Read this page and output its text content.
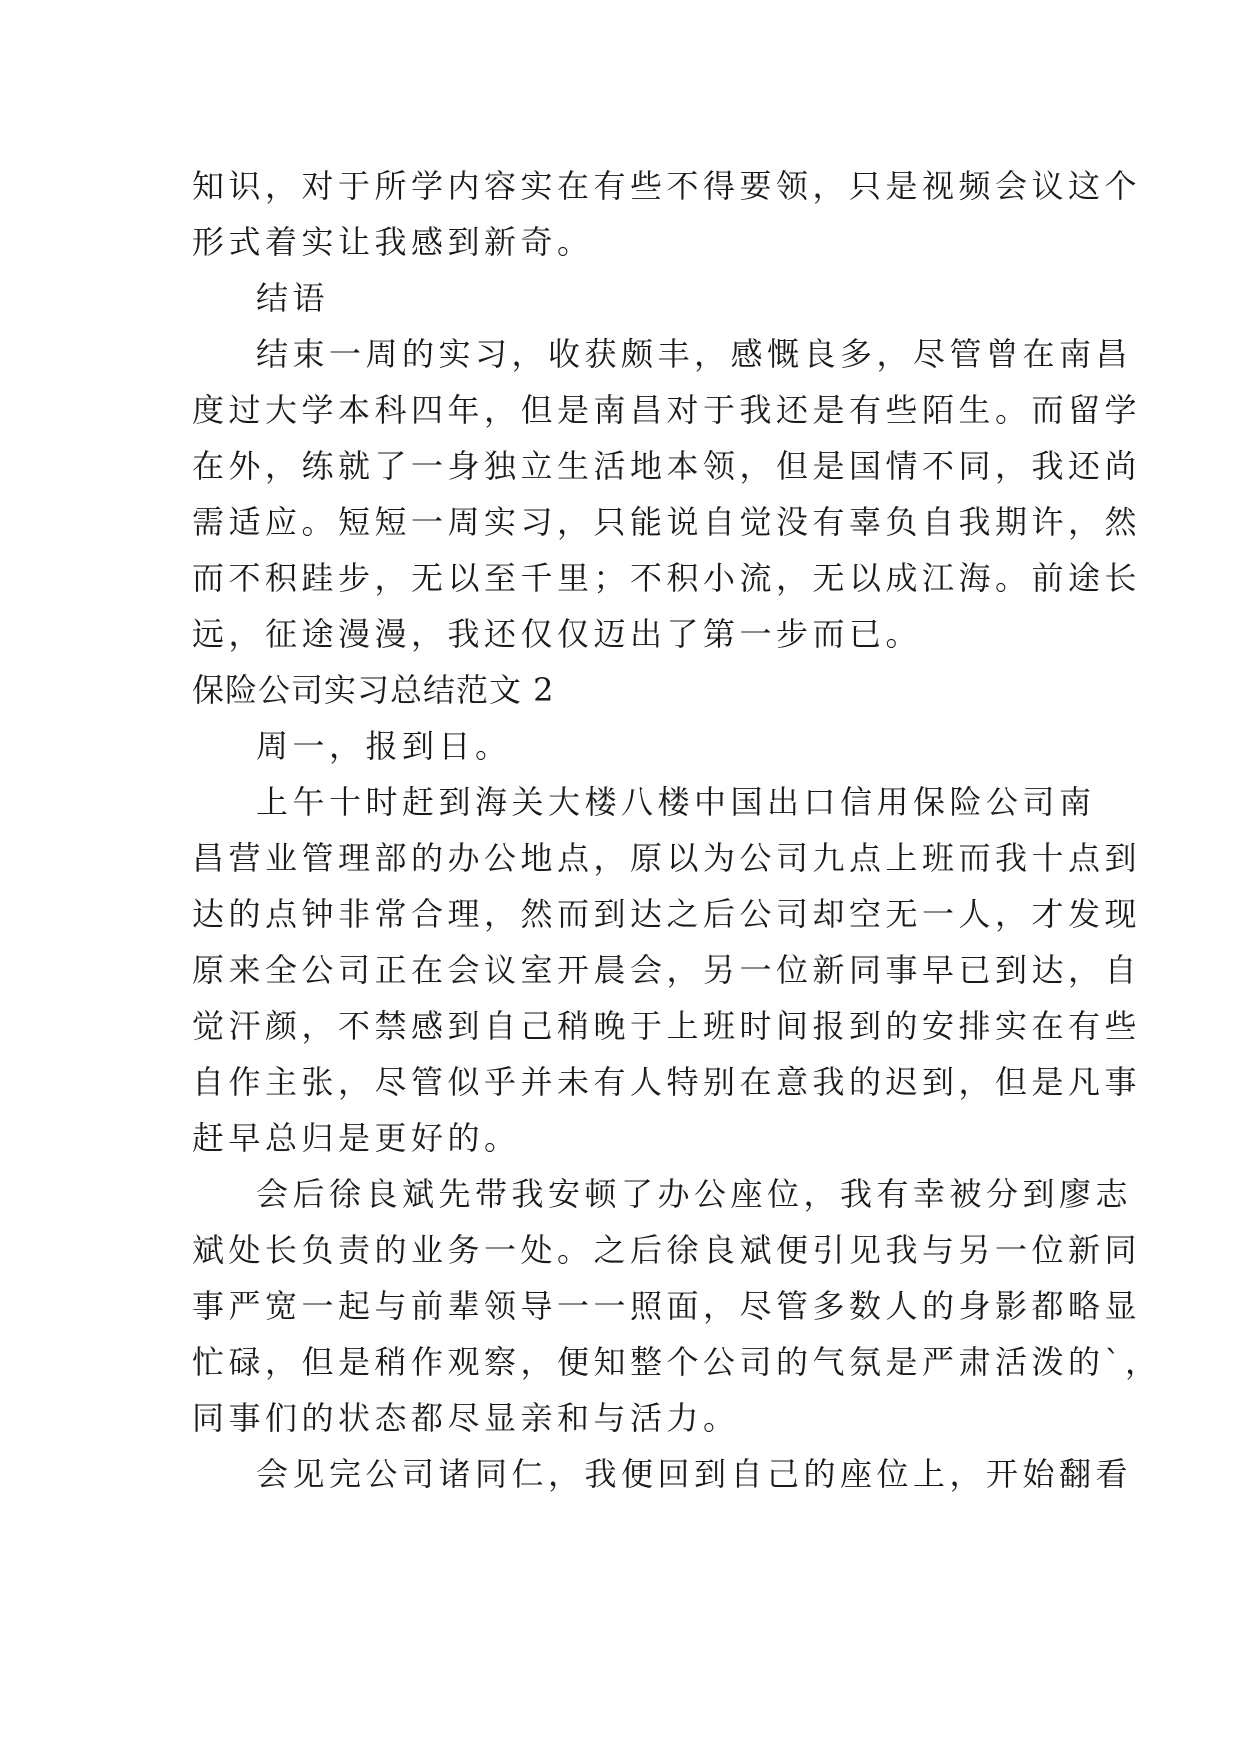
知识，对于所学内容实在有些不得要领，只是视频会议这个
形式着实让我感到新奇。
结语
结束一周的实习，收获颇丰，感慨良多，尽管曾在南昌
度过大学本科四年，但是南昌对于我还是有些陌生。而留学
在外，练就了一身独立生活地本领，但是国情不同，我还尚
需适应。短短一周实习，只能说自觉没有辜负自我期许，然
而不积跬步，无以至千里；不积小流，无以成江海。前途长
远，征途漫漫，我还仅仅迈出了第一步而已。
保险公司实习总结范文 2
周一，报到日。
上午十时赶到海关大楼八楼中国出口信用保险公司南
昌营业管理部的办公地点，原以为公司九点上班而我十点到
达的点钟非常合理，然而到达之后公司却空无一人，才发现
原来全公司正在会议室开晨会，另一位新同事早已到达，自
觉汗颜，不禁感到自己稍晚于上班时间报到的安排实在有些
自作主张，尽管似乎并未有人特别在意我的迟到，但是凡事
赶早总归是更好的。
会后徐良斌先带我安顿了办公座位，我有幸被分到廖志
斌处长负责的业务一处。之后徐良斌便引见我与另一位新同
事严宽一起与前辈领导一一照面，尽管多数人的身影都略显
忙碌，但是稍作观察，便知整个公司的气氛是严肃活泼的`，
同事们的状态都尽显亲和与活力。
会见完公司诸同仁，我便回到自己的座位上，开始翻看
